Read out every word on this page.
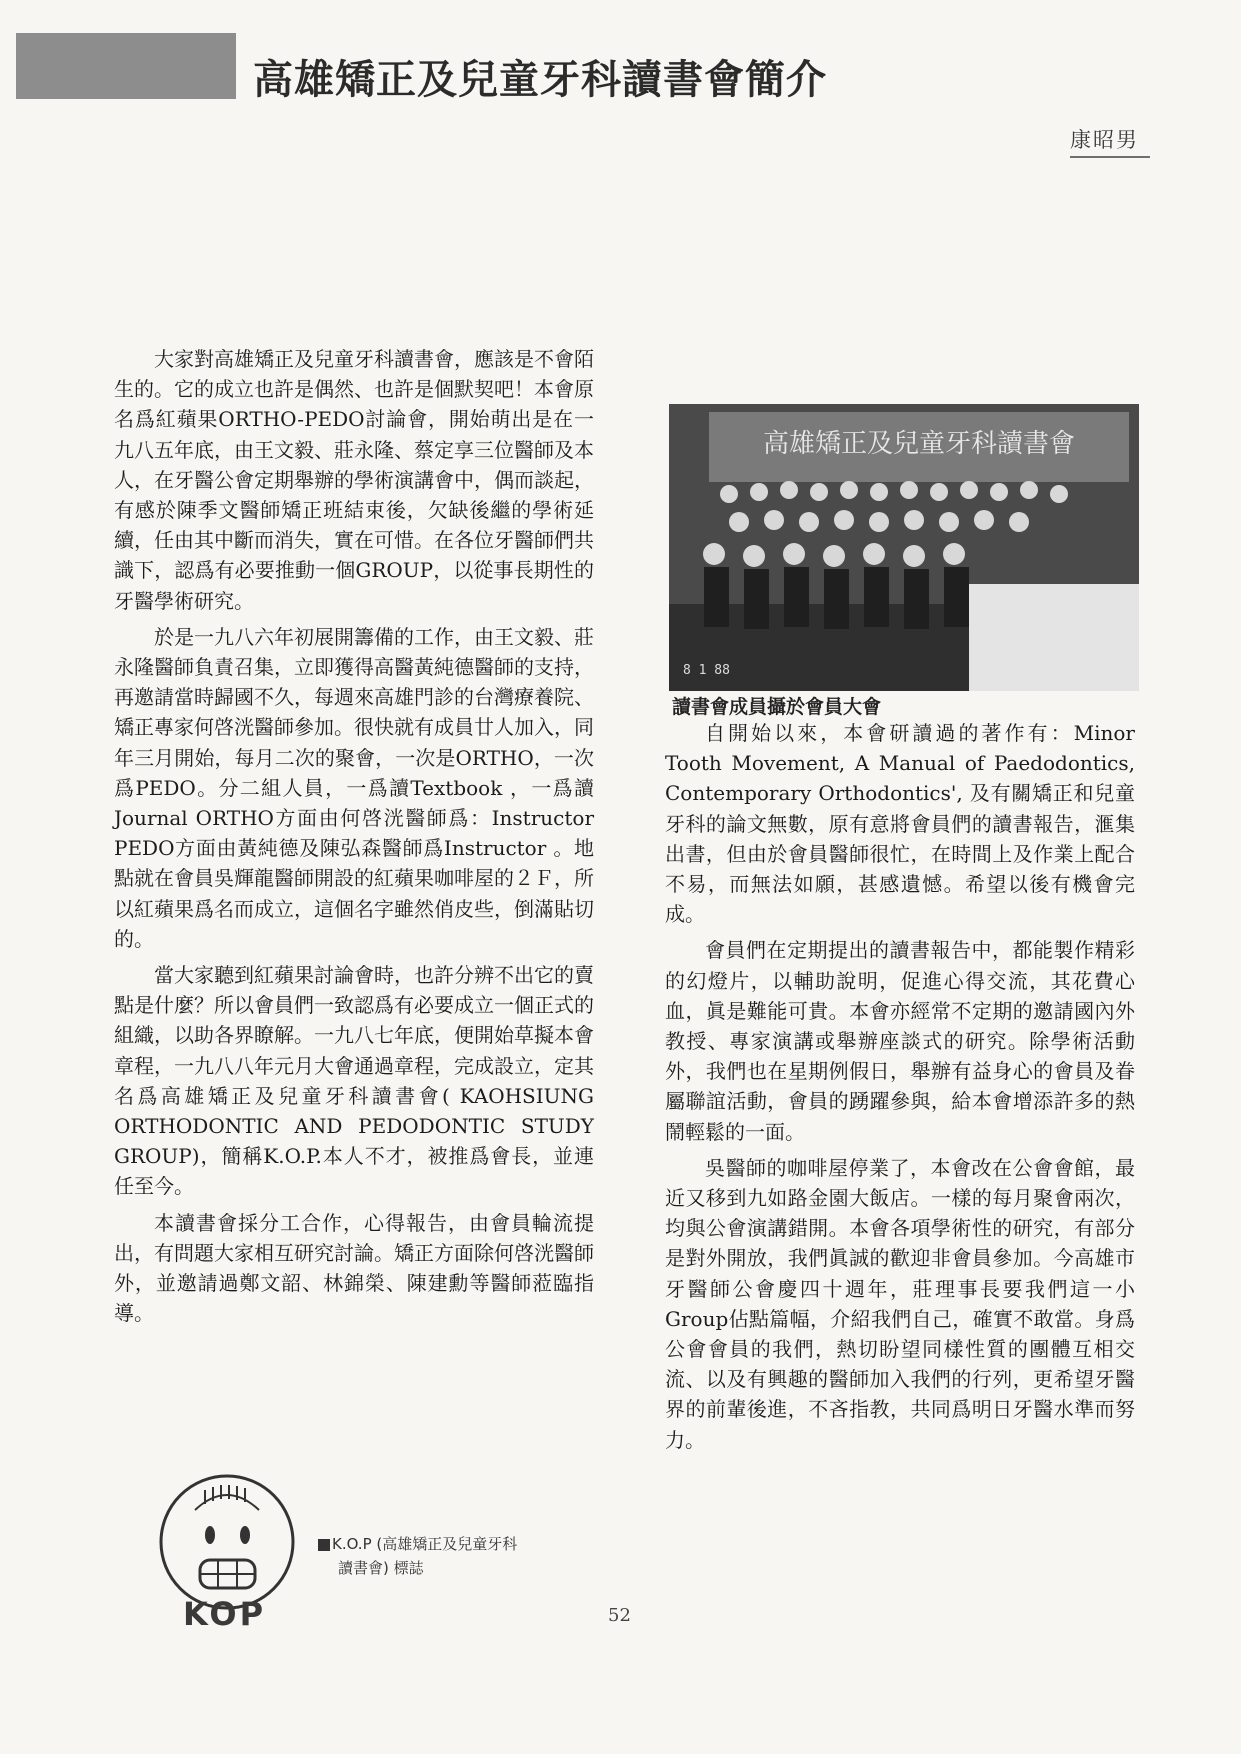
高雄矯正及兒童牙科讀書會簡介
康昭男

大家對高雄矯正及兒童牙科讀書會，應該是不會陌生的。它的成立也許是偶然、也許是個默契吧！本會原名爲紅蘋果ORTHO-PEDO討論會，開始萌出是在一九八五年底，由王文毅、莊永隆、蔡定享三位醫師及本人，在牙醫公會定期舉辦的學術演講會中，偶而談起，有感於陳季文醫師矯正班結束後，欠缺後繼的學術延續，任由其中斷而消失，實在可惜。在各位牙醫師們共識下，認爲有必要推動一個GROUP，以從事長期性的牙醫學術研究。

於是一九八六年初展開籌備的工作，由王文毅、莊永隆醫師負責召集，立即獲得高醫黃純德醫師的支持，再邀請當時歸國不久，每週來高雄門診的台灣療養院、矯正專家何啓洸醫師參加。很快就有成員廿人加入，同年三月開始，每月二次的聚會，一次是ORTHO，一次爲PEDO。分二組人員，一爲讀Textbook ，一爲讀Journal ORTHO方面由何啓洸醫師爲：Instructor PEDO方面由黃純德及陳弘森醫師爲Instructor 。地點就在會員吳輝龍醫師開設的紅蘋果咖啡屋的２Ｆ，所以紅蘋果爲名而成立，這個名字雖然俏皮些，倒滿貼切的。

當大家聽到紅蘋果討論會時，也許分辨不出它的賣點是什麼？所以會員們一致認爲有必要成立一個正式的組織，以助各界瞭解。一九八七年底，便開始草擬本會章程，一九八八年元月大會通過章程，完成設立，定其名爲高雄矯正及兒童牙科讀書會( KAOHSIUNG ORTHODONTIC AND PEDODONTIC STUDY GROUP)，簡稱K.O.P.本人不才，被推爲會長，並連任至今。

本讀書會採分工合作，心得報告，由會員輪流提出，有問題大家相互研究討論。矯正方面除何啓洸醫師外，並邀請過鄭文韶、林錦榮、陳建勳等醫師蒞臨指導。

高雄矯正及兒童牙科讀書會
8 1 88
讀書會成員攝於會員大會

自開始以來，本會研讀過的著作有：Minor Tooth Movement, A Manual of Paedodontics, Contemporary Orthodontics', 及有關矯正和兒童牙科的論文無數，原有意將會員們的讀書報告，滙集出書，但由於會員醫師很忙，在時間上及作業上配合不易，而無法如願，甚感遺憾。希望以後有機會完成。

會員們在定期提出的讀書報告中，都能製作精彩的幻燈片，以輔助說明，促進心得交流，其花費心血，眞是難能可貴。本會亦經常不定期的邀請國內外教授、專家演講或舉辦座談式的研究。除學術活動外，我們也在星期例假日，舉辦有益身心的會員及眷屬聯誼活動，會員的踴躍參與，給本會增添許多的熱鬧輕鬆的一面。

吳醫師的咖啡屋停業了，本會改在公會會館，最近又移到九如路金園大飯店。一樣的每月聚會兩次，均與公會演講錯開。本會各項學術性的研究，有部分是對外開放，我們眞誠的歡迎非會員參加。今高雄市牙醫師公會慶四十週年，莊理事長要我們這一小Group佔點篇幅，介紹我們自己，確實不敢當。身爲公會會員的我們，熱切盼望同樣性質的團體互相交流、以及有興趣的醫師加入我們的行列，更希望牙醫界的前輩後進，不吝指教，共同爲明日牙醫水準而努力。

KOP
K.O.P (高雄矯正及兒童牙科
讀書會) 標誌
52
